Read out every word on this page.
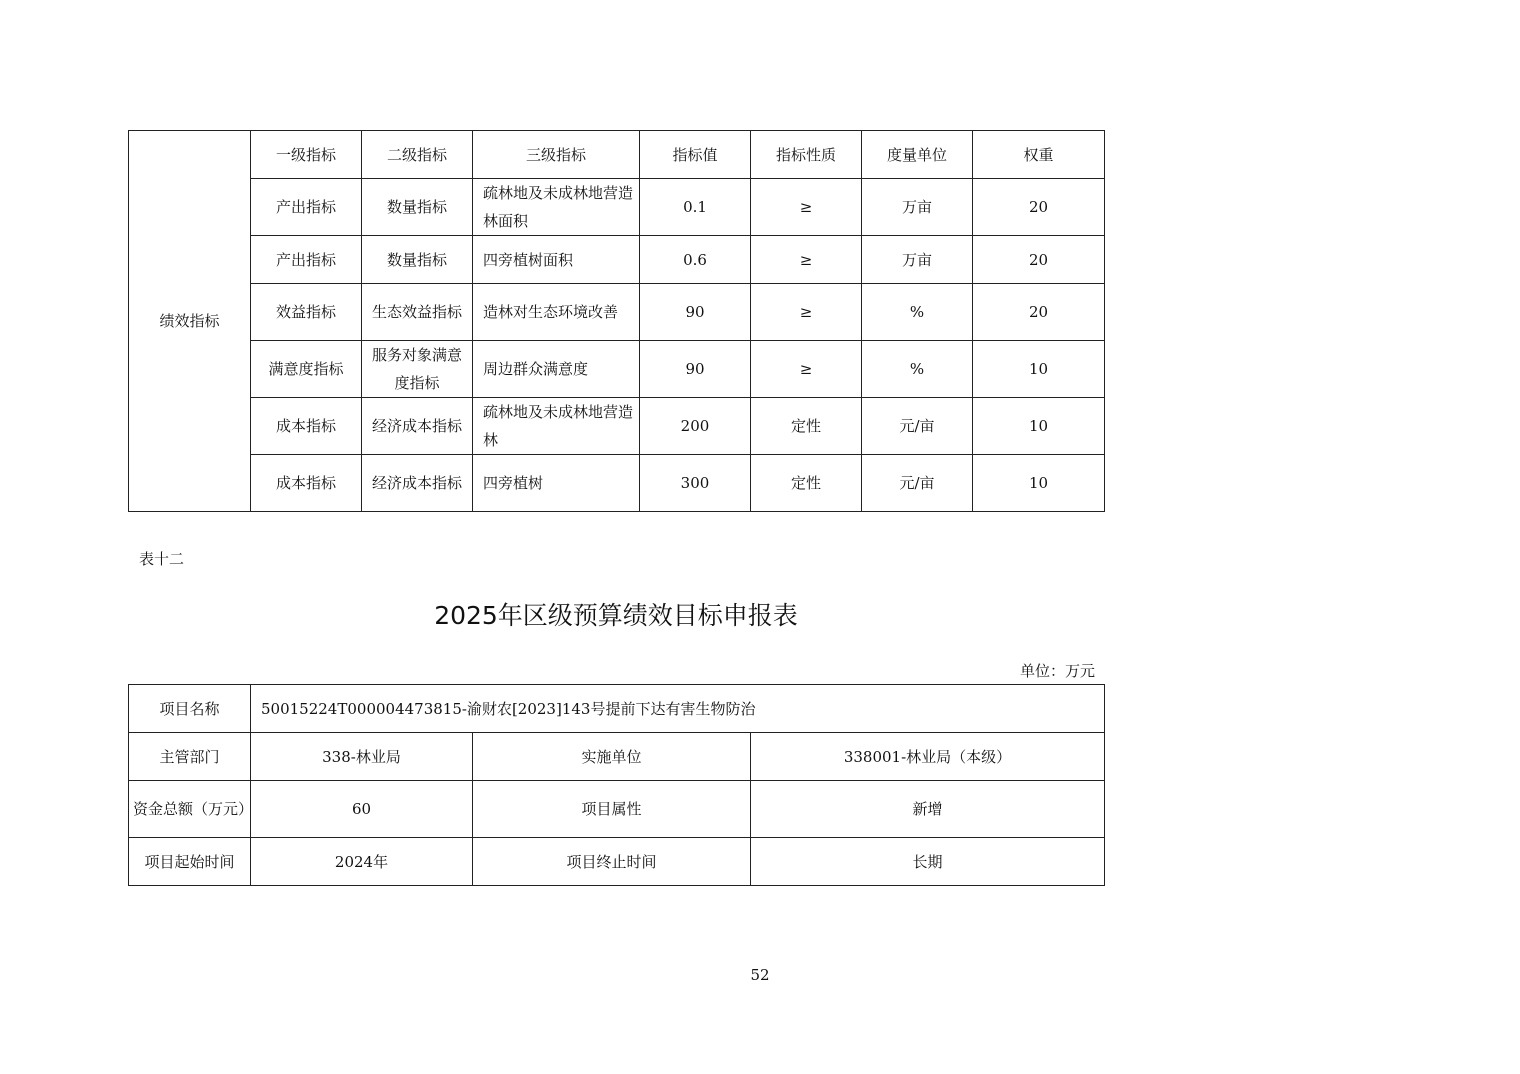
绩效指标	一级指标	二级指标	三级指标	指标值	指标性质	度量单位	权重
	产出指标	数量指标	疏林地及未成林地营造林面积	0.1	≥	万亩	20
	产出指标	数量指标	四旁植树面积	0.6	≥	万亩	20
	效益指标	生态效益指标	造林对生态环境改善	90	≥	%	20
	满意度指标	服务对象满意度指标	周边群众满意度	90	≥	%	10
	成本指标	经济成本指标	疏林地及未成林地营造林	200	定性	元/亩	10
	成本指标	经济成本指标	四旁植树	300	定性	元/亩	10
表十二
2025年区级预算绩效目标申报表
单位：万元
项目名称	50015224T000004473815-渝财农[2023]143号提前下达有害生物防治		
主管部门	338-林业局	实施单位	338001-林业局（本级）
资金总额（万元）	60	项目属性	新增
项目起始时间	2024年	项目终止时间	长期
52
